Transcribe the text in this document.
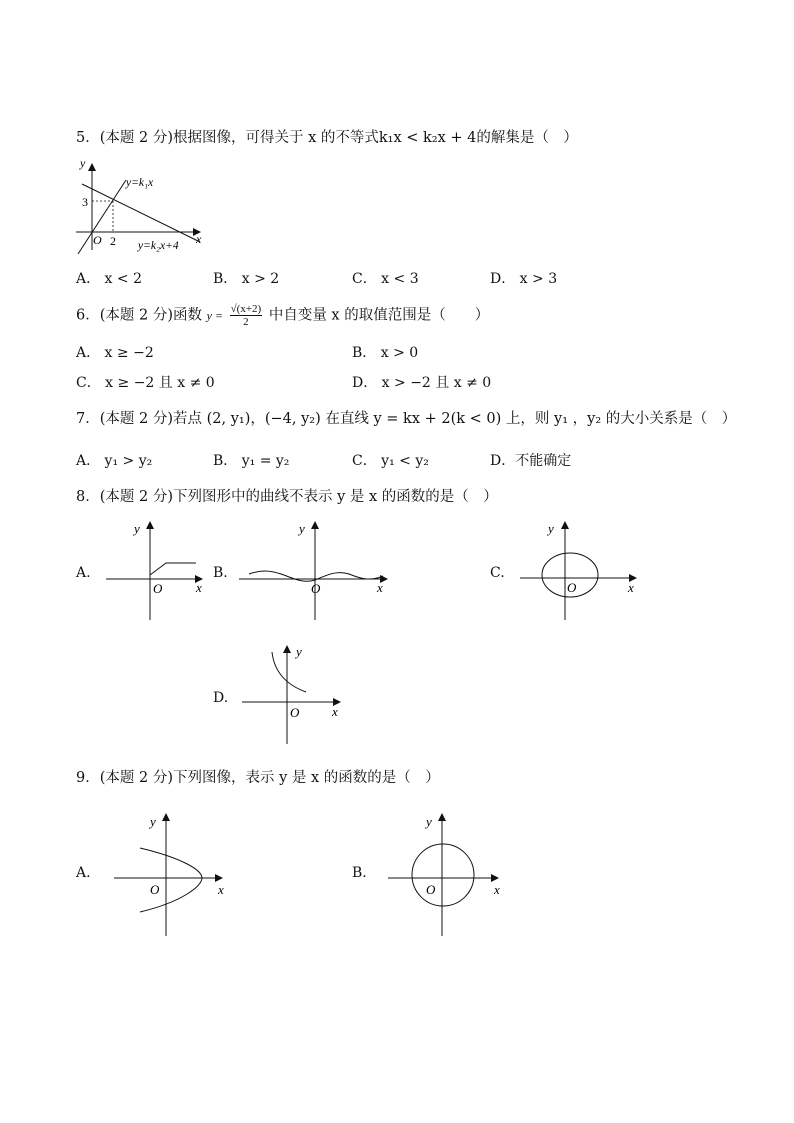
5．(本题 2 分)根据图像，可得关于 x 的不等式k₁x < k₂x + 4的解集是（　）
y
x
O
3
2
y=k₁x
y=k₂x+4
A． x < 2	B． x > 2	C． x < 3	D． x > 3
6．(本题 2 分)函数 $y = \frac{√(x+2)}{2}$ 中自变量 x 的取值范围是（　　）
A． x ≥ −2	B． x > 0
C． x ≥ −2 且 x ≠ 0	D． x > −2 且 x ≠ 0
7．(本题 2 分)若点 (2, y₁)，(−4, y₂) 在直线 y = kx + 2(k < 0) 上，则 y₁ ，y₂ 的大小关系是（　）
A． y₁ > y₂	B． y₁ = y₂	C． y₁ < y₂	D．不能确定
8．(本题 2 分)下列图形中的曲线不表示 y 是 x 的函数的是（　）
A.
y
x
O
B.
y
x
O
C.
y
x
O
D.
y
x
O
9．(本题 2 分)下列图像，表示 y 是 x 的函数的是（　）
A.
y
x
O
B.
y
x
O
